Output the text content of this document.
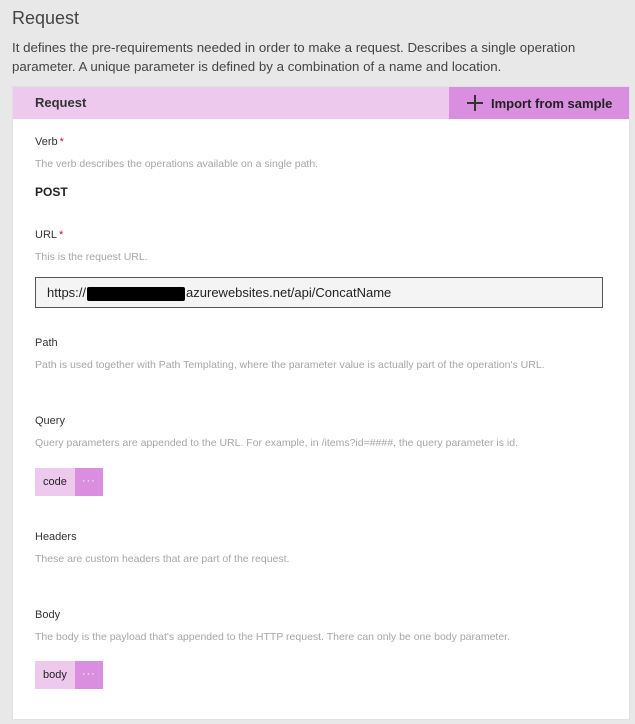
Request
It defines the pre-requirements needed in order to make a request. Describes a single operation parameter. A unique parameter is defined by a combination of a name and location.
Request	Import from sample
Verb *
The verb describes the operations available on a single path.
POST
URL *
This is the request URL.
https://	azurewebsites.net/api/ConcatName
Path
Path is used together with Path Templating, where the parameter value is actually part of the operation's URL.
Query
Query parameters are appended to the URL. For example, in /items?id=####, the query parameter is id.
code	···
Headers
These are custom headers that are part of the request.
Body
The body is the payload that's appended to the HTTP request. There can only be one body parameter.
body	···
